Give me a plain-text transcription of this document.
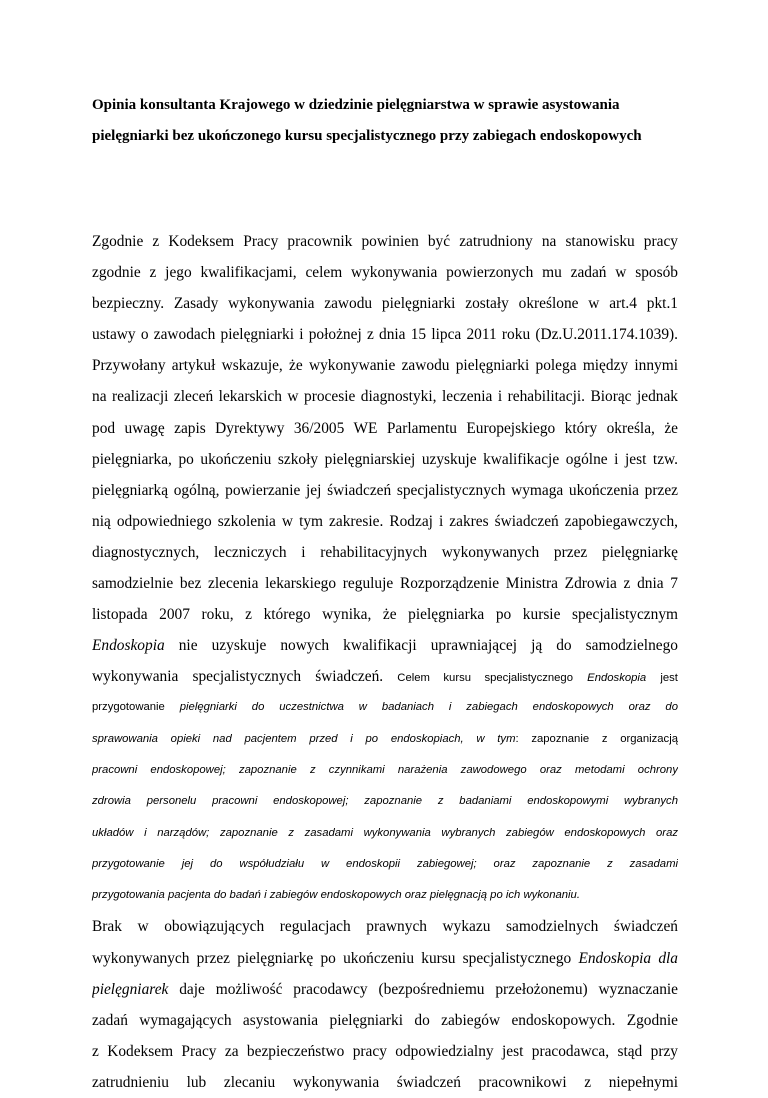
Opinia konsultanta Krajowego w dziedzinie pielęgniarstwa w sprawie asystowania
pielęgniarki bez ukończonego kursu specjalistycznego przy zabiegach endoskopowych
Zgodnie z Kodeksem Pracy pracownik powinien być zatrudniony na stanowisku pracy
zgodnie z jego kwalifikacjami, celem wykonywania powierzonych mu zadań w sposób
bezpieczny. Zasady wykonywania zawodu pielęgniarki zostały określone w art.4 pkt.1
ustawy o zawodach pielęgniarki i położnej z dnia 15 lipca 2011 roku (Dz.U.2011.174.1039).
Przywołany artykuł wskazuje, że wykonywanie zawodu pielęgniarki polega między innymi
na realizacji zleceń lekarskich w procesie diagnostyki, leczenia i rehabilitacji. Biorąc jednak
pod uwagę zapis Dyrektywy 36/2005 WE Parlamentu Europejskiego który określa, że
pielęgniarka, po ukończeniu szkoły pielęgniarskiej uzyskuje kwalifikacje ogólne i jest tzw.
pielęgniarką ogólną, powierzanie jej świadczeń specjalistycznych wymaga ukończenia przez
nią odpowiedniego szkolenia w tym zakresie. Rodzaj i zakres świadczeń zapobiegawczych,
diagnostycznych, leczniczych i rehabilitacyjnych wykonywanych przez pielęgniarkę
samodzielnie bez zlecenia lekarskiego reguluje Rozporządzenie Ministra Zdrowia z dnia 7
listopada 2007 roku, z którego wynika, że pielęgniarka po kursie specjalistycznym
Endoskopia nie uzyskuje nowych kwalifikacji uprawniającej ją do samodzielnego
wykonywania specjalistycznych świadczeń. Celem kursu specjalistycznego Endoskopia jest
przygotowanie pielęgniarki do uczestnictwa w badaniach i zabiegach endoskopowych oraz do
sprawowania opieki nad pacjentem przed i po endoskopiach, w tym: zapoznanie z organizacją
pracowni endoskopowej; zapoznanie z czynnikami narażenia zawodowego oraz metodami ochrony
zdrowia personelu pracowni endoskopowej; zapoznanie z badaniami endoskopowymi wybranych
układów i narządów; zapoznanie z zasadami wykonywania wybranych zabiegów endoskopowych oraz
przygotowanie jej do współudziału w endoskopii zabiegowej; oraz zapoznanie z zasadami
przygotowania pacjenta do badań i zabiegów endoskopowych oraz pielęgnacją po ich wykonaniu.
Brak w obowiązujących regulacjach prawnych wykazu samodzielnych świadczeń
wykonywanych przez pielęgniarkę po ukończeniu kursu specjalistycznego Endoskopia dla
pielęgniarek daje możliwość pracodawcy (bezpośredniemu przełożonemu) wyznaczanie
zadań wymagających asystowania pielęgniarki do zabiegów endoskopowych. Zgodnie
z Kodeksem Pracy za bezpieczeństwo pracy odpowiedzialny jest pracodawca, stąd przy
zatrudnieniu lub zlecaniu wykonywania świadczeń pracownikowi z niepełnymi
